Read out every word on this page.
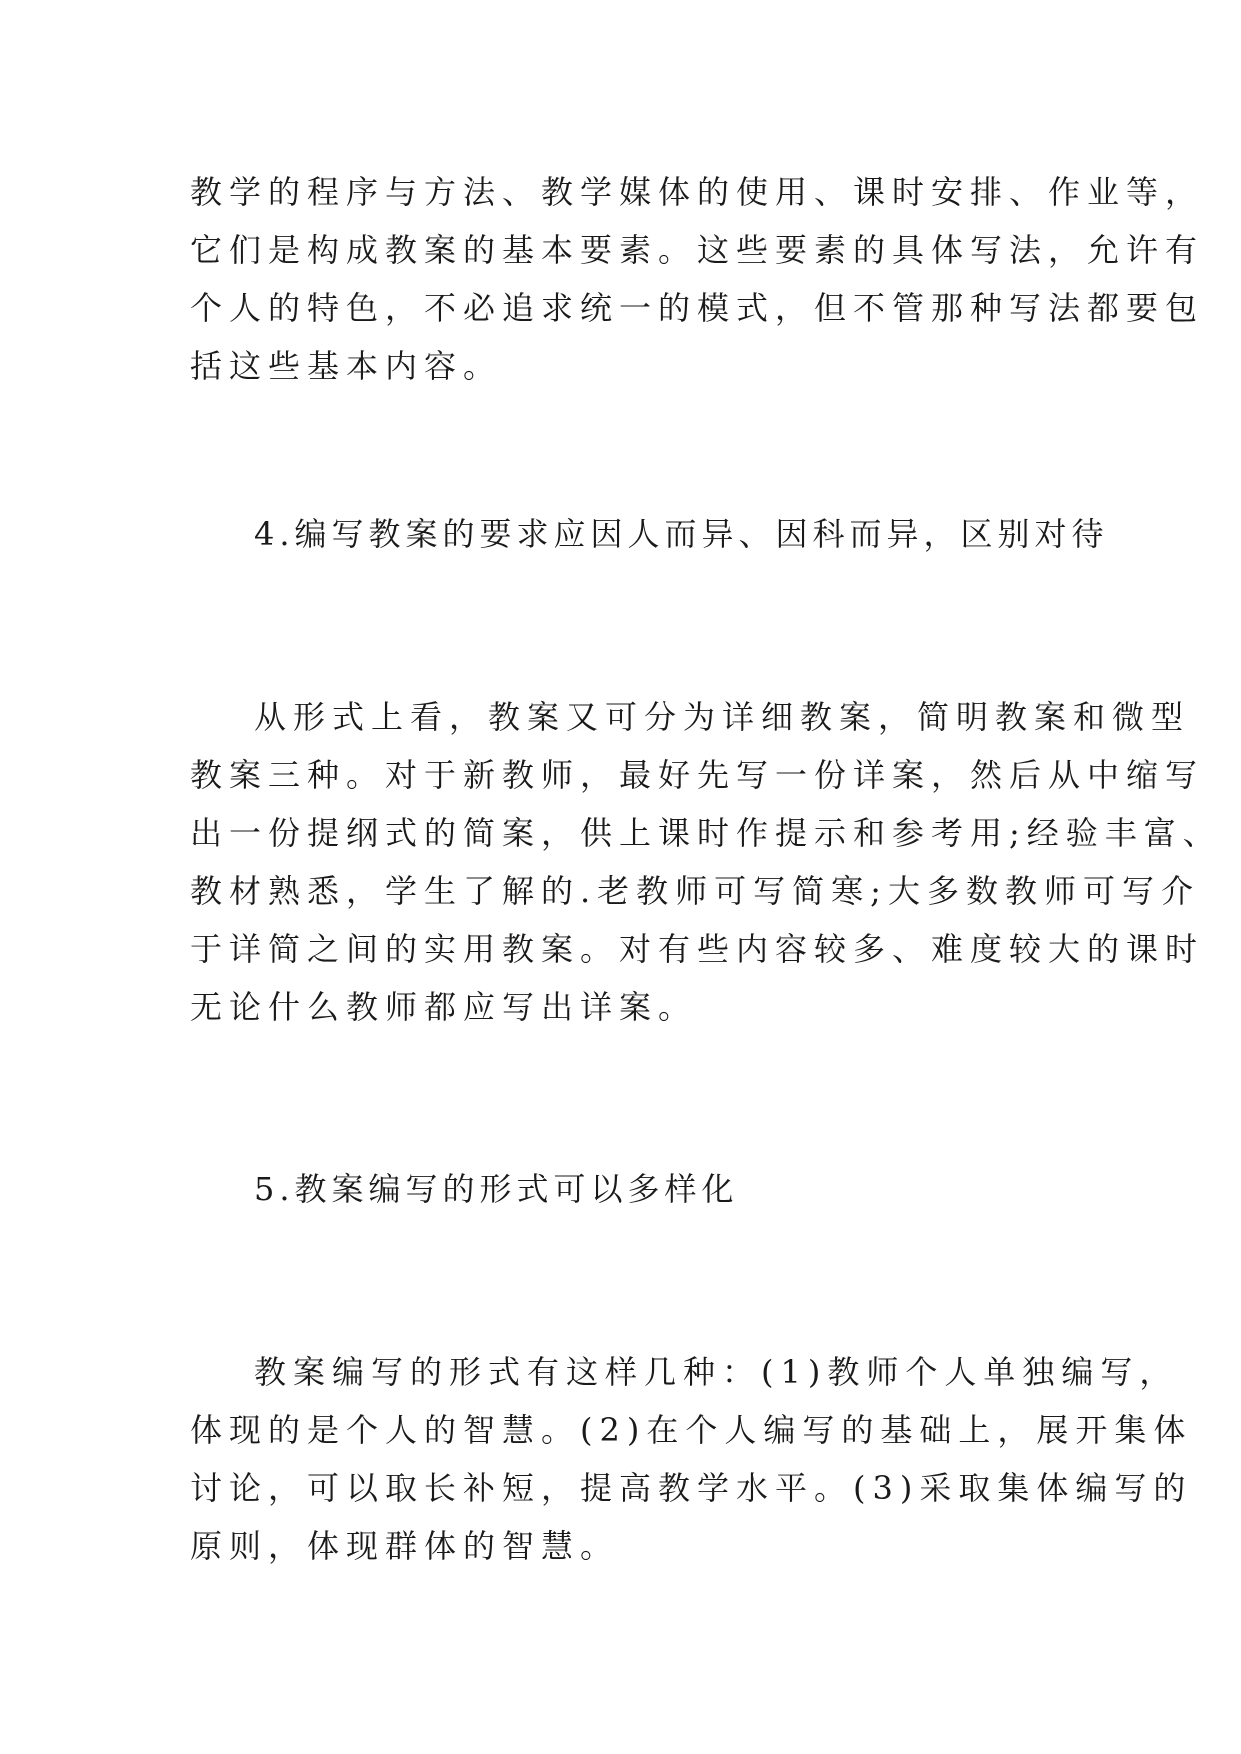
教学的程序与方法、教学媒体的使用、课时安排、作业等，
它们是构成教案的基本要素。这些要素的具体写法，允许有
个人的特色，不必追求统一的模式，但不管那种写法都要包
括这些基本内容。
4.编写教案的要求应因人而异、因科而异，区别对待
从形式上看，教案又可分为详细教案，简明教案和微型
教案三种。对于新教师，最好先写一份详案，然后从中缩写
出一份提纲式的简案，供上课时作提示和参考用;经验丰富、
教材熟悉，学生了解的.老教师可写简寒;大多数教师可写介
于详简之间的实用教案。对有些内容较多、难度较大的课时
无论什么教师都应写出详案。
5.教案编写的形式可以多样化
教案编写的形式有这样几种：(1)教师个人单独编写，
体现的是个人的智慧。(2)在个人编写的基础上，展开集体
讨论，可以取长补短，提高教学水平。(3)采取集体编写的
原则，体现群体的智慧。
